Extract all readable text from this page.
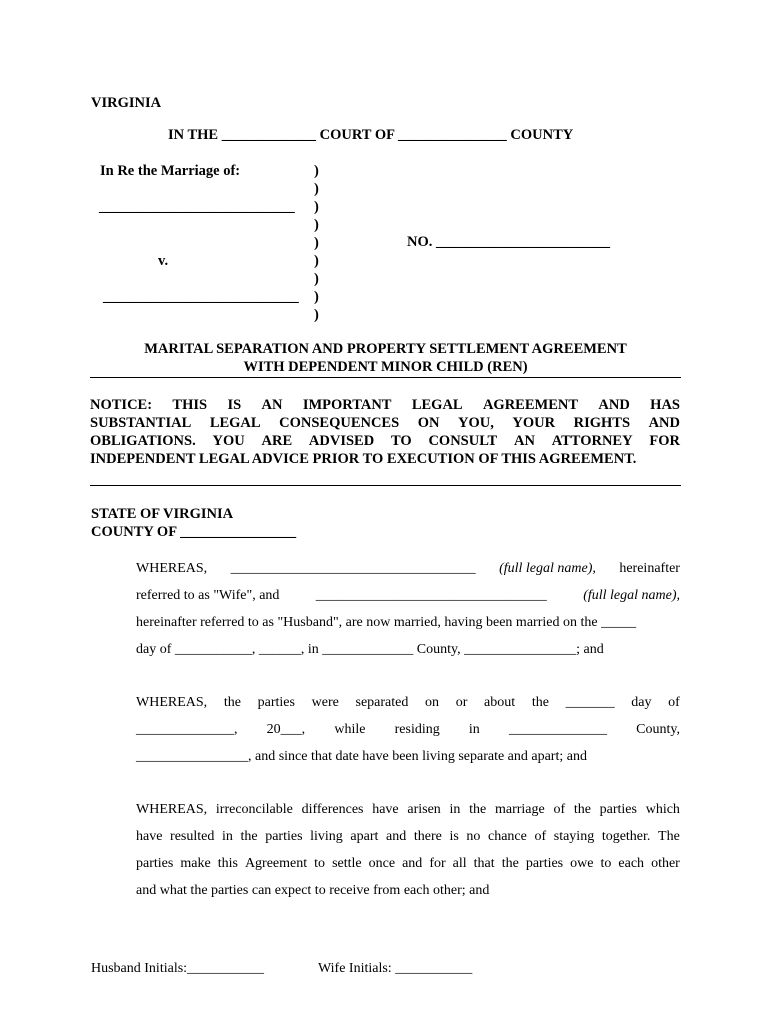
VIRGINIA
IN THE _____________ COURT OF _______________ COUNTY
In Re the Marriage of:
___________________________
v.
___________________________
NO. ________________________
)
)
)
)
)
)
)
)
)
MARITAL SEPARATION AND PROPERTY SETTLEMENT AGREEMENT
WITH DEPENDENT MINOR CHILD (REN)
NOTICE: THIS IS AN IMPORTANT LEGAL AGREEMENT AND HAS
SUBSTANTIAL LEGAL CONSEQUENCES ON YOU, YOUR RIGHTS AND
OBLIGATIONS. YOU ARE ADVISED TO CONSULT AN ATTORNEY FOR
INDEPENDENT LEGAL ADVICE PRIOR TO EXECUTION OF THIS AGREEMENT.
STATE OF VIRGINIA
COUNTY OF ________________
WHEREAS, ___________________________________ (full legal name), hereinafter
referred to as "Wife", and	_________________________________	(full legal name),
hereinafter referred to as "Husband", are now married, having been married on the _____
day of ___________, ______, in _____________ County, ________________; and
WHEREAS, the parties were separated on or about the _______ day of
______________, 20___, while residing in ______________ County,
________________, and since that date have been living separate and apart; and
WHEREAS, irreconcilable differences have arisen in the marriage of the parties which
have resulted in the parties living apart and there is no chance of staying together. The
parties make this Agreement to settle once and for all that the parties owe to each other
and what the parties can expect to receive from each other; and
Husband Initials:___________	Wife Initials: ___________
